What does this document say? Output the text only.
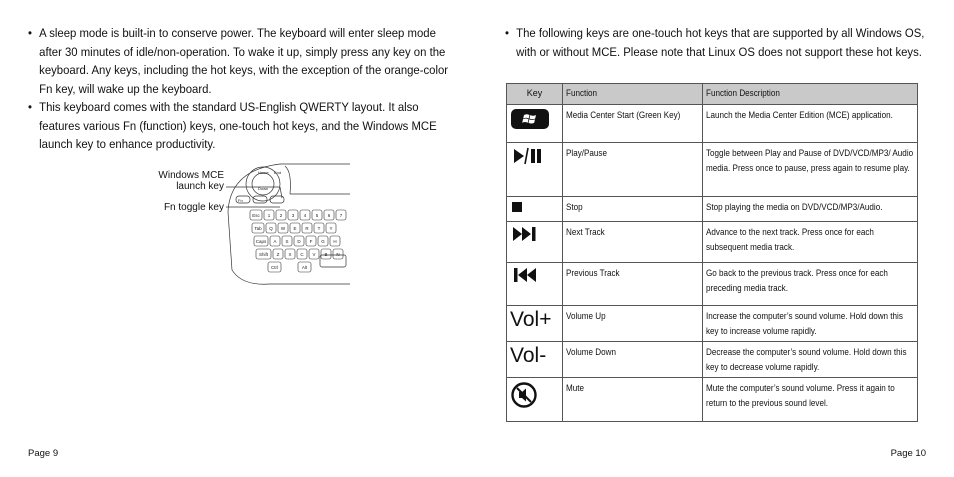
• A sleep mode is built-in to conserve power. The keyboard will enter sleep mode after 30 minutes of idle/non-operation. To wake it up, simply press any key on the keyboard. Any keys, including the hot keys, with the exception of the orange-color Fn key, will wake up the keyboard.
• This keyboard comes with the standard US-English QWERTY layout. It also features various Fn (function) keys, one-touch hot keys, and the Windows MCE launch key to enhance productivity.
Windows MCE
launch key
Fn toggle key
Home End
Down
Fn
Esc 1 2 3 4 5 6 7
Tab Q W E R T Y
Caps A S D F G H
Shift Z X C V B N
Ctrl	Alt
Page 9
• The following keys are one-touch hot keys that are supported by all Windows OS, with or without MCE. Please note that Linux OS does not support these hot keys.
Key	Function	Function Description

Media Center Start (Green Key)	Launch the Media Center Edition (MCE) application.

Play/Pause	Toggle between Play and Pause of DVD/VCD/MP3/ Audio media. Press once to pause, press again to resume play.

Stop	Stop playing the media on DVD/VCD/MP3/Audio.

Next Track	Advance to the next track. Press once for each subsequent media track.

Previous Track	Go back to the previous track. Press once for each preceding media track.

Vol+	Volume Up	Increase the computer’s sound volume. Hold down this key to increase volume rapidly.

Vol-	Volume Down	Decrease the computer’s sound volume. Hold down this key to decrease volume rapidly.

Mute	Mute the computer’s sound volume. Press it again to return to the previous sound level.
Page 10
